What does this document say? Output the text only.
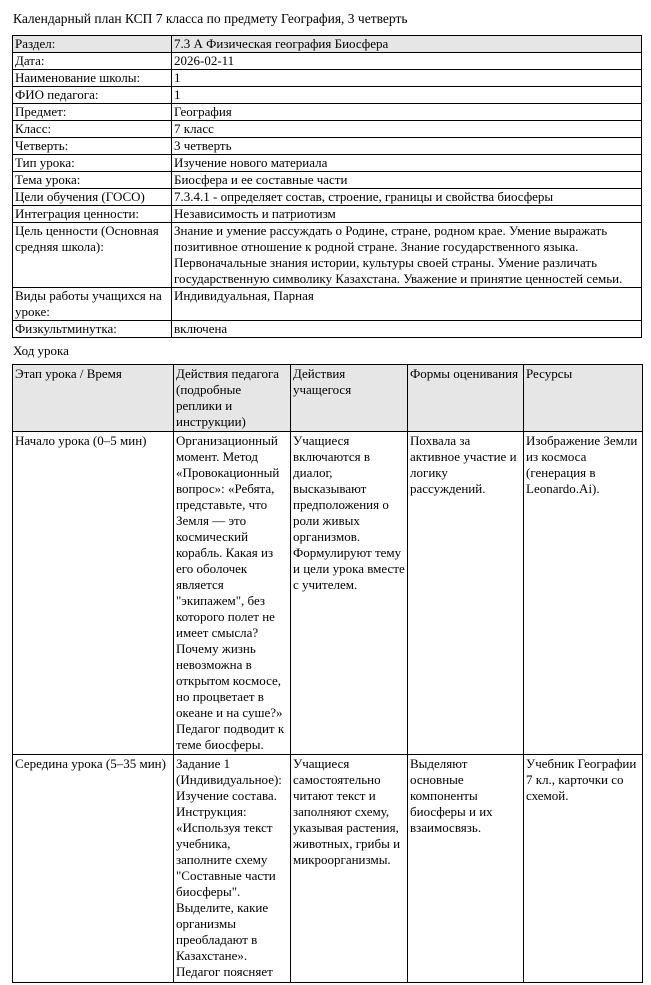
Календарный план КСП 7 класса по предмету География, 3 четверть
Раздел:	7.3 А Физическая география Биосфера
Дата:	2026-02-11
Наименование школы:	1
ФИО педагога:	1
Предмет:	География
Класс:	7 класс
Четверть:	3 четверть
Тип урока:	Изучение нового материала
Тема урока:	Биосфера и ее составные части
Цели обучения (ГОСО)	7.3.4.1 - определяет состав, строение, границы и свойства биосферы
Интеграция ценности:	Независимость и патриотизм
Цель ценности (Основная средняя школа):	Знание и умение рассуждать о Родине, стране, родном крае. Умение выражать позитивное отношение к родной стране. Знание государственного языка. Первоначальные знания истории, культуры своей страны. Умение различать государственную символику Казахстана. Уважение и принятие ценностей семьи.
Виды работы учащихся на уроке:	Индивидуальная, Парная
Физкультминутка:	включена
Ход урока
Этап урока / Время	Действия педагога (подробные реплики и инструкции)	Действия учащегося	Формы оценивания	Ресурсы
Начало урока (0–5 мин)	Организационный момент. Метод «Провокационный вопрос»: «Ребята, представьте, что Земля — это космический корабль. Какая из его оболочек является "экипажем", без которого полет не имеет смысла? Почему жизнь невозможна в открытом космосе, но процветает в океане и на суше?» Педагог подводит к теме биосферы.	Учащиеся включаются в диалог, высказывают предположения о роли живых организмов. Формулируют тему и цели урока вместе с учителем.	Похвала за активное участие и логику рассуждений.	Изображение Земли из космоса (генерация в Leonardo.Ai).
Середина урока (5–35 мин)	Задание 1 (Индивидуальное): Изучение состава. Инструкция: «Используя текст учебника, заполните схему "Составные части биосферы". Выделите, какие организмы преобладают в Казахстане». Педагог поясняет	Учащиеся самостоятельно читают текст и заполняют схему, указывая растения, животных, грибы и микроорганизмы.	Выделяют основные компоненты биосферы и их взаимосвязь.	Учебник Географии 7 кл., карточки со схемой.
